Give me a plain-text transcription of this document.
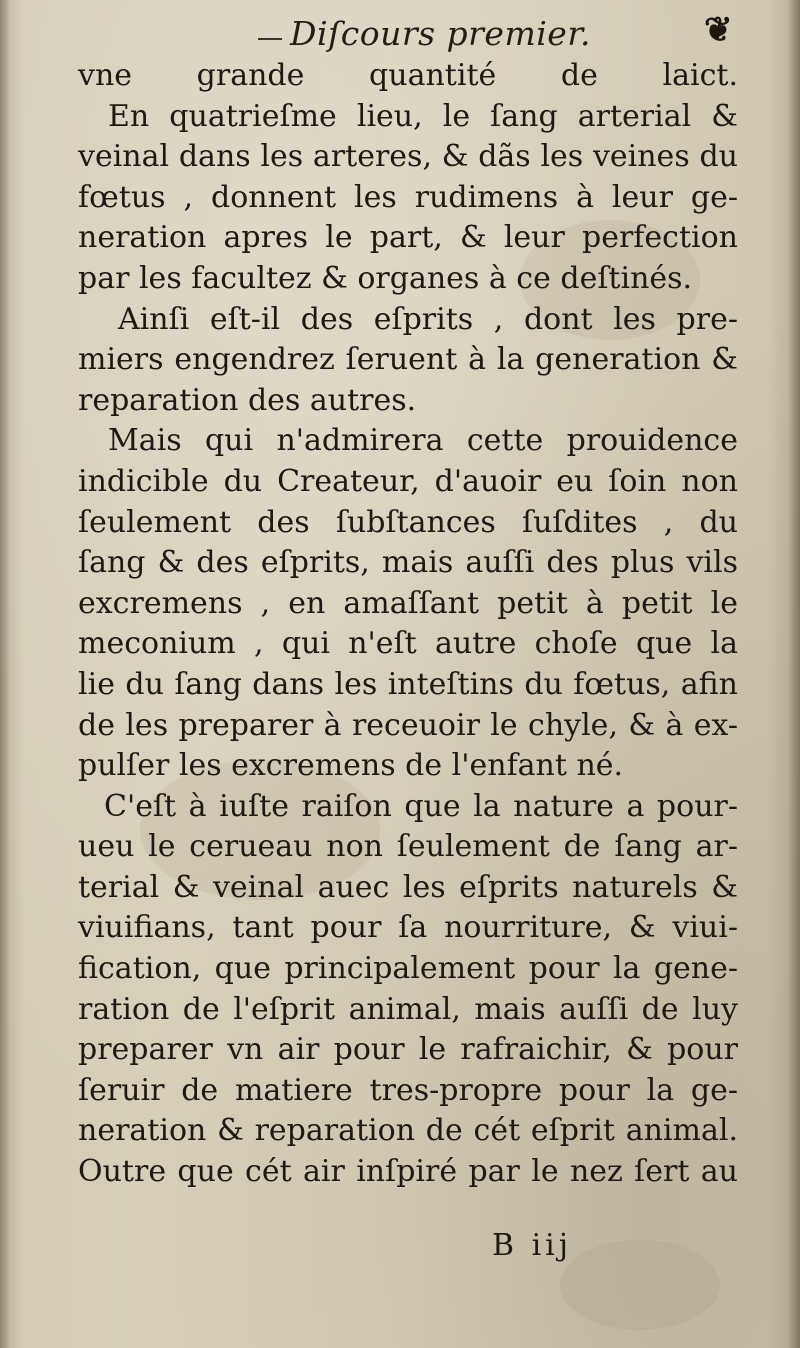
Diſcours premier.	❦
vne grande quantité de laict.
En quatrieſme lieu, le ſang arterial &
veinal dans les arteres, & dãs les veines du
fœtus , donnent les rudimens à leur ge-
neration apres le part, & leur perfection
par les facultez & organes à ce deſtinés.
Ainſi eſt-il des eſprits , dont les pre-
miers engendrez ſeruent à la generation &
reparation des autres.
Mais qui n'admirera cette prouidence
indicible du Createur, d'auoir eu ſoin non
ſeulement des ſubſtances ſuſdites , du
ſang & des eſprits, mais auſſi des plus vils
excremens , en amaſſant petit à petit le
meconium , qui n'eſt autre choſe que la
lie du ſang dans les inteſtins du fœtus, afin
de les preparer à receuoir le chyle, & à ex-
pulſer les excremens de l'enfant né.
C'eſt à iuſte raiſon que la nature a pour-
ueu le cerueau non ſeulement de ſang ar-
terial & veinal auec les eſprits naturels &
viuifians, tant pour ſa nourriture, & viui-
fication, que principalement pour la gene-
ration de l'eſprit animal, mais auſſi de luy
preparer vn air pour le rafraichir, & pour
ſeruir de matiere tres-propre pour la ge-
neration & reparation de cét eſprit animal.
Outre que cét air inſpiré par le nez ſert au
B iij
